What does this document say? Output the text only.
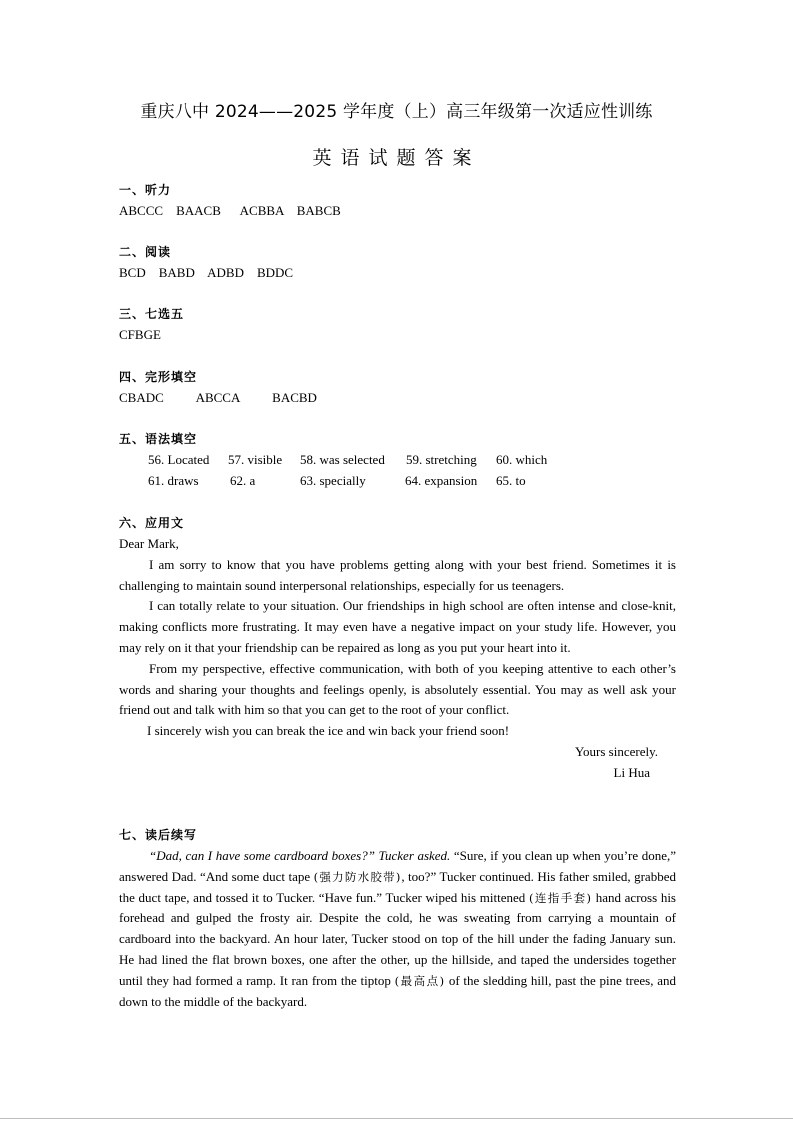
重庆八中 2024——2025 学年度（上）高三年级第一次适应性训练
英语试题答案
一、听力
ABCCC    BAACB      ACBBA    BABCB
二、阅读
BCD    BABD    ADBD    BDDC
三、七选五
CFBGE
四、完形填空
CBADC          ABCCA          BACBD
五、语法填空
56. Located 57. visible 58. was selected 59. stretching 60. which
61. draws 62. a	63. specially	64. expansion 65. to
六、应用文

Dear Mark,

I am sorry to know that you have problems getting along with your best friend. Sometimes it is challenging to maintain sound interpersonal relationships, especially for us teenagers.

I can totally relate to your situation. Our friendships in high school are often intense and close-knit, making conflicts more frustrating. It may even have a negative impact on your study life. However, you may rely on it that your friendship can be repaired as long as you put your heart into it.

From my perspective, effective communication, with both of you keeping attentive to each other’s words and sharing your thoughts and feelings openly, is absolutely essential. You may as well ask your friend out and talk with him so that you can get to the root of your conflict.

I sincerely wish you can break the ice and win back your friend soon!

Yours sincerely.

Li Hua

七、读后续写

“Dad, can I have some cardboard boxes?” Tucker asked. “Sure, if you clean up when you’re done,” answered Dad. “And some duct tape (强力防水胶带), too?” Tucker continued. His father smiled, grabbed the duct tape, and tossed it to Tucker. “Have fun.” Tucker wiped his mittened (连指手套) hand across his forehead and gulped the frosty air. Despite the cold, he was sweating from carrying a mountain of cardboard into the backyard. An hour later, Tucker stood on top of the hill under the fading January sun. He had lined the flat brown boxes, one after the other, up the hillside, and taped the undersides together until they had formed a ramp. It ran from the tiptop (最高点) of the sledding hill, past the pine trees, and down to the middle of the backyard.
